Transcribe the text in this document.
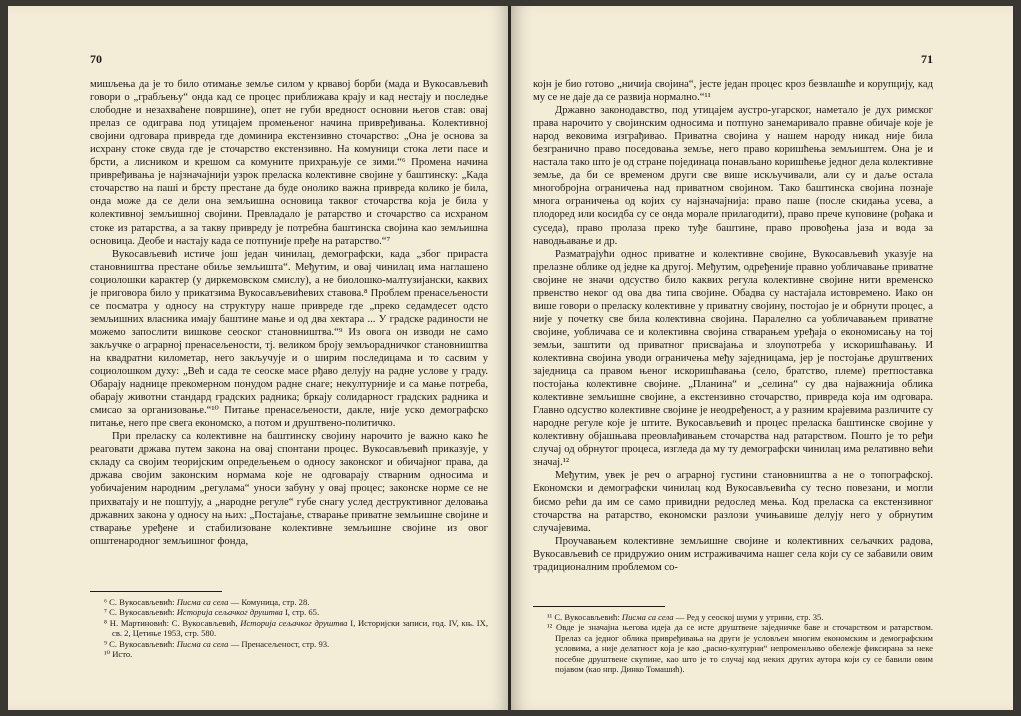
70

мишљења да је то било отимање земље силом у крвавој борби (мада и Вукосављевић говори о „грабљењу“ онда кад се процес приближава крају и кад нестају и последње слободне и незахваћене површине), опет не губи вредност основни његов став: овај прелаз се одиграва под утицајем промењеног начина привређивања. Колективној својини одговара привреда где доминира екстензивно сточарство: „Она је основа за исхрану стоке свуда где је сточарство екстензивно. На комуници стока лети пасе и брсти, а лисником и крешом са комуните прихрањује се зими.“⁶ Промена начина привређивања је најзначајнији узрок преласка колективне својине у баштинску: „Када сточарство на пашi и брсту престане да буде онолико важна привреда колико је била, онда може да се дели она земљишна основица таквог сточарства која је била у колективној земљишној својини. Превладало је ратарство и сточарство са исхраном стоке из ратарства, а за такву привреду је потребна баштинска својина као земљишна основица. Деобе и настају када се потпуније пређе на ратарство.“⁷

Вукосављевић истиче још један чинилац, демографски, када „због прираста становништва престане обиље земљишта“. Међутим, и овај чинилац има наглашено социолошки карактер (у диркемовском смислу), а не биолошко-малтузијански, каквих је приговора било у прикатзима Вукосављевићевих ставова.⁸ Проблем пренасељености се посматра у односу на структуру наше привреде где „преко седамдесет одсто земљишних власника имају баштине мање и од два хектара ... У градске радиности не можемо запослити вишкове сеоског становништва.“⁹ Из овога он изводи не само закључке о аграрној пренасељености, тј. великом броју земљорадничког становништва на квадратни километар, него закључује и о ширим последицама и то сасвим у социолошком духу: „Већ и сада те сеоске масе рђаво делују на радне услове у граду. Обарају наднице прекомерном понудом радне снаге; некултурније и са мање потреба, обарају животни стандард градских радника; бркају солидарност градских радника и смисао за организовање.“¹⁰ Питање пренасељености, дакле, није уско демографско питање, него пре свега економско, а потом и друштвено-политичко.

При преласку са колективне на баштинску својину нарочито је важно како ће реаговати држава путем закона на овај спонтани процес. Вукосављевић приказује, у складу са својим теоријским опредељењем о односу законског и обичајног права, да држава својим законским нормама које не одговарају стварним односима и уобичајеним народним „регулама“ уноси забуну у овај процес; законске норме се не прихватају и не поштују, а „народне регуле“ губе снагу услед деструктивног деловања државних закона у односу на њих: „Постајање, стварање приватне земљишне својине и стварање уређене и стабилизоване колективне земљишне својине из овог општенародног земљишног фонда,

⁶ С. Вукосављевић: Писма са села — Комуница, стр. 28.

⁷ С. Вукосављевић: Историја сељачког друштва I, стр. 65.

⁸ Н. Мартиновић: С. Вукосављевић, Историја сељачког друштва I, Историјски записи, год. IV, књ. IX, св. 2, Цетиње 1953, стр. 580.

⁹ С. Вукосављевић: Писма са села — Пренасељеност, стр. 93.

¹⁰ Исто.

71

којн је био готово „ничија својина“, јесте један процес кроз безвлашће и корупцију, кад му се не даје да се развија нормално.“¹¹

Државно законодавство, под утицајем аустро-угарског, наметало је дух римског права нарочито у својинским односима и потпуно занемаривало правне обичаје које је народ вековима изграђивао. Приватна својина у нашем народу никад није била безгранично право поседовања земље, него право коришћења земљиштем. Она је и настала тако што је од стране појединаца понављано коришћење једног дела колективне земље, да би се временом други све више искључивали, али су и даље остала многобројна ограничења над приватном својином. Тако баштинска својина познаје многа ограничења од којих су најзначајнија: право паше (после скидања усева, а плодоред или косидба су се онда морале прилагодити), право прече куповине (рођака и суседа), право пролаза преко туђе баштине, право провођења јаза и вода за наводњавање и др.

Разматрајући однос приватне и колективне својине, Вукосављевић указује на прелазне облике од једне ка другој. Међутим, одређеније правно уобличавање приватне својине не значи одсуство било каквих регула колективне својине нити временско првенство неког од ова два типа својине. Обадва су настајала истовремено. Иако он више говори о преласку колективне у приватну својину, постојао је и обрнути процес, а није у почетку све била колективна својина. Паралелно са уобличавањем приватне својине, уобличава се и колективна својина стварањем уређаја о економисању на тој земљи, заштити од приватног присвајања и злоупотреба у искоришћавању. И колективна својина уводи ограничења међу заједницама, јер је постојање друштвених заједница са правом њеног искоришћавања (село, братство, племе) претпоставка постојања колективне својине. „Планина“ и „селина“ су два најважнија облика колективне земљишне својине, а екстензивно сточарство, привреда која им одговара. Главно одсуство колективне својине је неодређеност, а у разним крајевима различите су народне регуле које је штите. Вукосављевић и процес преласка баштинске својине у колективну објашњава преовлађивањем сточарства над ратарством. Пошто је то ређи случај од обрнутог процеса, изгледа да му ту демографски чинилац има релативно већи значај.¹²

Међутим, увек је реч о аграрној густини становништва а не о топографској. Економски и демографски чинилац код Вукосављевића су тесно повезани, и могли бисмо рећи да им се само привидни редослед мења. Код преласка са екстензивног сточарства на ратарство, економски разлози учињавише делују него у обрнутим случајевима.

Проучавањем колективне земљишне својине и колективних сељачких радова, Вукосављевић се придружио оним истраживачима нашег села који су се забавили овим традиционалним проблемом со-

¹¹ С. Вукосављевић: Писма са села — Ред у сеоској шуми у утрини, стр. 35.

¹² Овде је значајна његова идеја да се исте друштвене заједничке баве и сточарством и ратарством. Прелаз са једног облика привређивања на други је условљен многим економским и демографским условима, а није делатност која је као „расно-културни“ непроменљиво обележје фиксирана за неке посебне друштвене скупине, као што је то случај код неких других аутора који су се бавили овим појавом (као нпр. Динко Томашић).
